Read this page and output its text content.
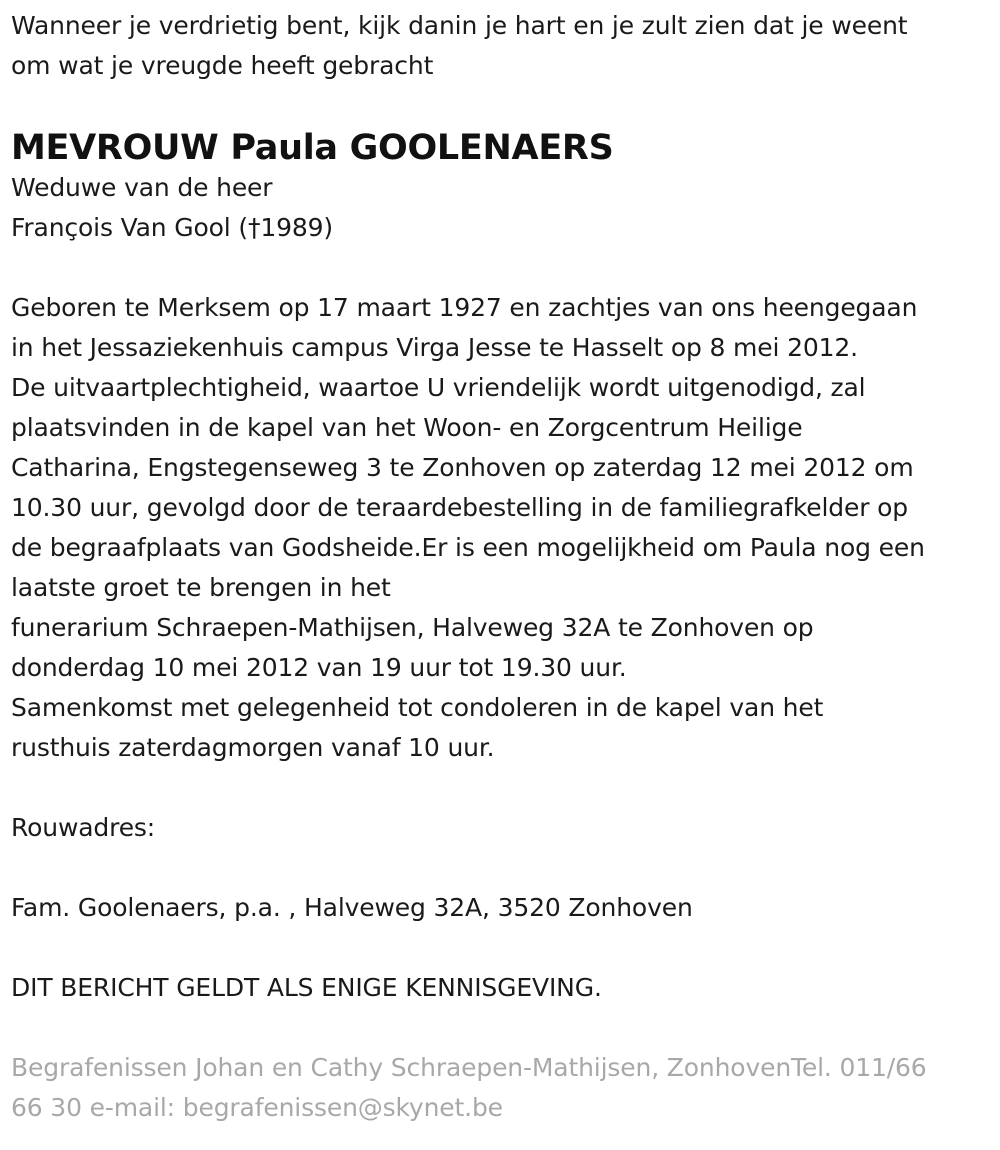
Wanneer je verdrietig bent, kijk danin je hart en je zult zien dat je weent

om wat je vreugde heeft gebracht

MEVROUW Paula GOOLENAERS

Weduwe van de heer

François Van Gool (†1989)

Geboren te Merksem op 17 maart 1927 en zachtjes van ons heengegaan

in het Jessaziekenhuis campus Virga Jesse te Hasselt op 8 mei 2012.

De uitvaartplechtigheid, waartoe U vriendelijk wordt uitgenodigd, zal

plaatsvinden in de kapel van het Woon- en Zorgcentrum Heilige

Catharina, Engstegenseweg 3 te Zonhoven op zaterdag 12 mei 2012 om

10.30 uur, gevolgd door de teraardebestelling in de familiegrafkelder op

de begraafplaats van Godsheide.Er is een mogelijkheid om Paula nog een

laatste groet te brengen in het

funerarium Schraepen-Mathijsen, Halveweg 32A te Zonhoven op

donderdag 10 mei 2012 van 19 uur tot 19.30 uur.

Samenkomst met gelegenheid tot condoleren in de kapel van het

rusthuis zaterdagmorgen vanaf 10 uur.

Rouwadres:

Fam. Goolenaers, p.a. , Halveweg 32A, 3520 Zonhoven

DIT BERICHT GELDT ALS ENIGE KENNISGEVING.

Begrafenissen Johan en Cathy Schraepen-Mathijsen, ZonhovenTel. 011/66

66 30 e-mail: begrafenissen@skynet.be
